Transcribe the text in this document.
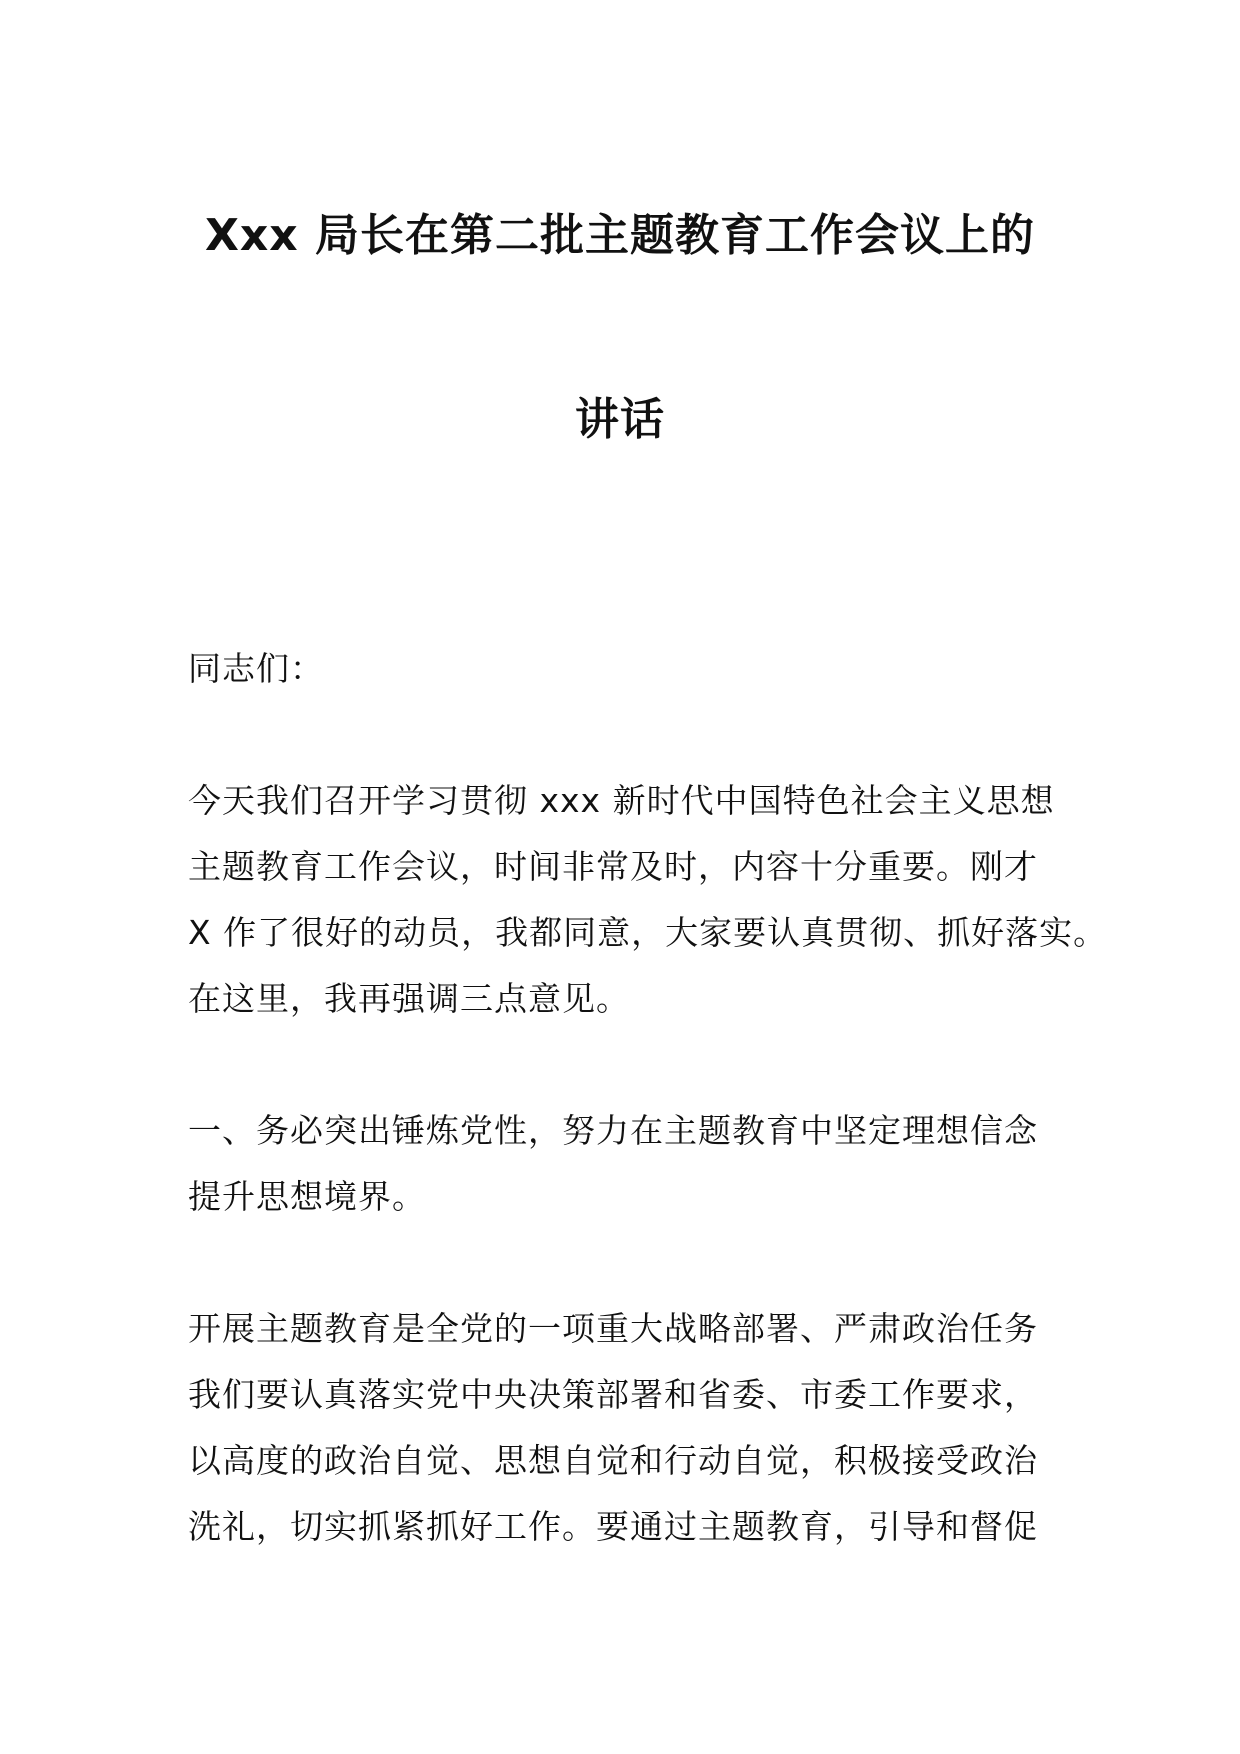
Xxx 局长在第二批主题教育工作会议上的
讲话
同志们：
今天我们召开学习贯彻 xxx 新时代中国特色社会主义思想
主题教育工作会议，时间非常及时，内容十分重要。刚才
X 作了很好的动员，我都同意，大家要认真贯彻、抓好落实。
在这里，我再强调三点意见。
一、务必突出锤炼党性，努力在主题教育中坚定理想信念
提升思想境界。
开展主题教育是全党的一项重大战略部署、严肃政治任务
我们要认真落实党中央决策部署和省委、市委工作要求，
以高度的政治自觉、思想自觉和行动自觉，积极接受政治
洗礼，切实抓紧抓好工作。要通过主题教育，引导和督促
